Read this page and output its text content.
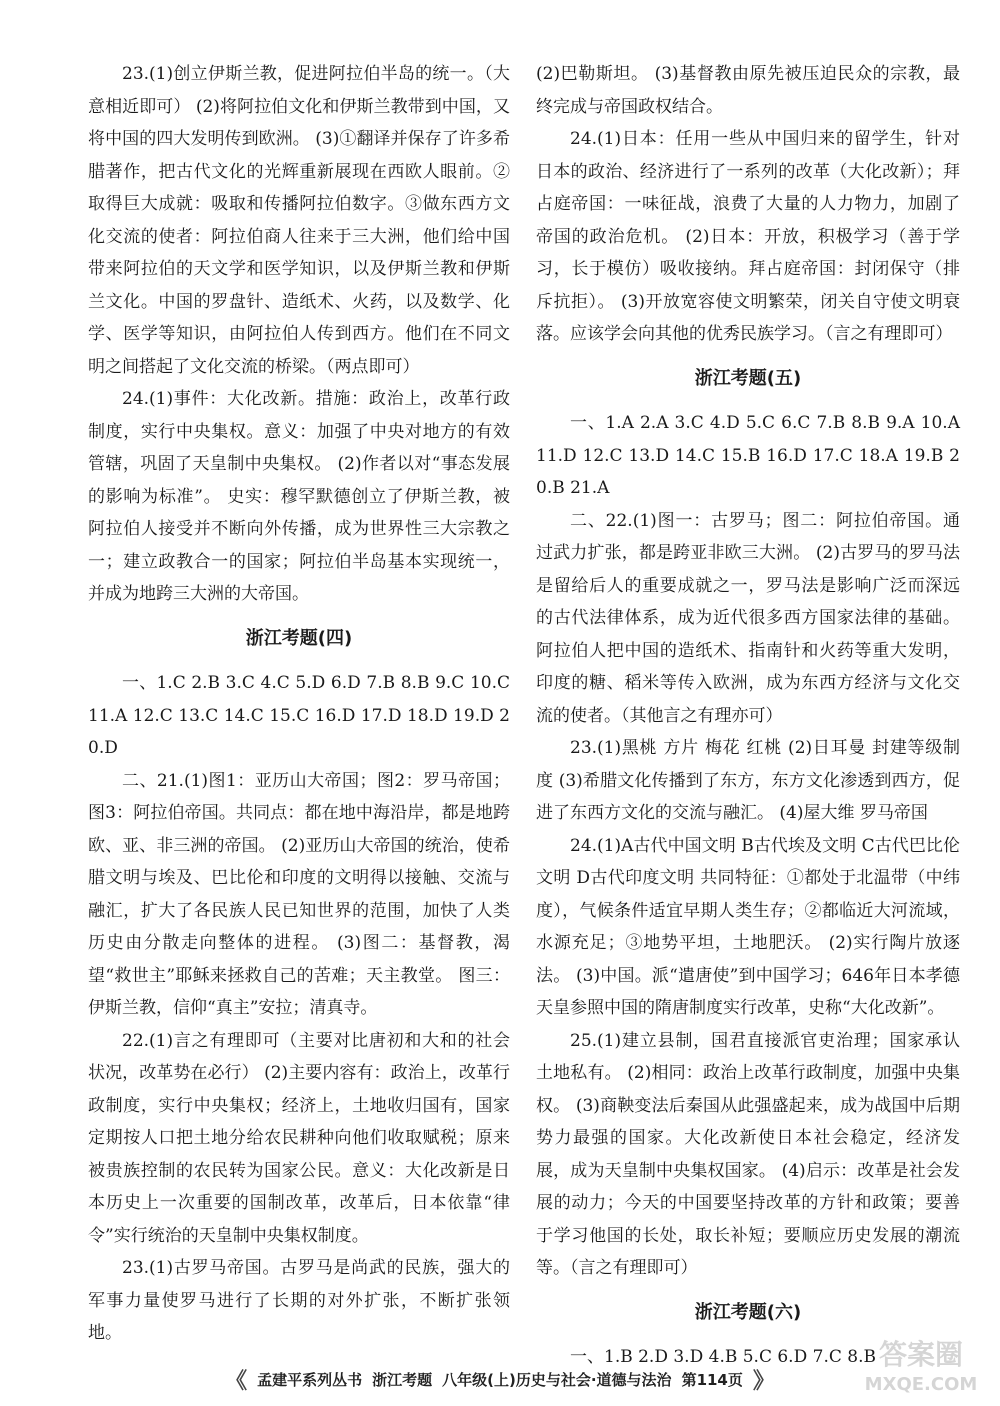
23.(1)创立伊斯兰教，促进阿拉伯半岛的统一。（大意相近即可） (2)将阿拉伯文化和伊斯兰教带到中国，又将中国的四大发明传到欧洲。 (3)①翻译并保存了许多希腊著作，把古代文化的光辉重新展现在西欧人眼前。②取得巨大成就：吸取和传播阿拉伯数字。③做东西方文化交流的使者：阿拉伯商人往来于三大洲，他们给中国带来阿拉伯的天文学和医学知识，以及伊斯兰教和伊斯兰文化。中国的罗盘针、造纸术、火药，以及数学、化学、医学等知识，由阿拉伯人传到西方。他们在不同文明之间搭起了文化交流的桥梁。（两点即可）

24.(1)事件：大化改新。措施：政治上，改革行政制度，实行中央集权。意义：加强了中央对地方的有效管辖，巩固了天皇制中央集权。 (2)作者以对“事态发展的影响为标准”。 史实：穆罕默德创立了伊斯兰教，被阿拉伯人接受并不断向外传播，成为世界性三大宗教之一；建立政教合一的国家；阿拉伯半岛基本实现统一，并成为地跨三大洲的大帝国。

浙江考题(四)

一、1.C 2.B 3.C 4.C 5.D 6.D 7.B 8.B 9.C 10.C 11.A 12.C 13.C 14.C 15.C 16.D 17.D 18.D 19.D 20.D

二、21.(1)图1：亚历山大帝国；图2：罗马帝国；图3：阿拉伯帝国。共同点：都在地中海沿岸，都是地跨欧、亚、非三洲的帝国。 (2)亚历山大帝国的统治，使希腊文明与埃及、巴比伦和印度的文明得以接触、交流与融汇，扩大了各民族人民已知世界的范围，加快了人类历史由分散走向整体的进程。 (3)图二：基督教，渴望“救世主”耶稣来拯救自己的苦难；天主教堂。 图三：伊斯兰教，信仰“真主”安拉；清真寺。

22.(1)言之有理即可（主要对比唐初和大和的社会状况，改革势在必行） (2)主要内容有：政治上，改革行政制度，实行中央集权；经济上，土地收归国有，国家定期按人口把土地分给农民耕种向他们收取赋税；原来被贵族控制的农民转为国家公民。意义：大化改新是日本历史上一次重要的国制改革，改革后，日本依靠“律令”实行统治的天皇制中央集权制度。

23.(1)古罗马帝国。古罗马是尚武的民族，强大的军事力量使罗马进行了长期的对外扩张，不断扩张领地。

(2)巴勒斯坦。 (3)基督教由原先被压迫民众的宗教，最终完成与帝国政权结合。

24.(1)日本：任用一些从中国归来的留学生，针对日本的政治、经济进行了一系列的改革（大化改新）；拜占庭帝国：一味征战，浪费了大量的人力物力，加剧了帝国的政治危机。 (2)日本：开放，积极学习（善于学习，长于模仿）吸收接纳。拜占庭帝国：封闭保守（排斥抗拒）。 (3)开放宽容使文明繁荣，闭关自守使文明衰落。应该学会向其他的优秀民族学习。（言之有理即可）

浙江考题(五)

一、1.A 2.A 3.C 4.D 5.C 6.C 7.B 8.B 9.A 10.A 11.D 12.C 13.D 14.C 15.B 16.D 17.C 18.A 19.B 20.B 21.A

二、22.(1)图一：古罗马；图二：阿拉伯帝国。通过武力扩张，都是跨亚非欧三大洲。 (2)古罗马的罗马法是留给后人的重要成就之一，罗马法是影响广泛而深远的古代法律体系，成为近代很多西方国家法律的基础。阿拉伯人把中国的造纸术、指南针和火药等重大发明，印度的糖、稻米等传入欧洲，成为东西方经济与文化交流的使者。（其他言之有理亦可）

23.(1)黑桃 方片 梅花 红桃 (2)日耳曼 封建等级制度 (3)希腊文化传播到了东方，东方文化渗透到西方，促进了东西方文化的交流与融汇。 (4)屋大维 罗马帝国

24.(1)A古代中国文明 B古代埃及文明 C古代巴比伦文明 D古代印度文明 共同特征：①都处于北温带（中纬度），气候条件适宜早期人类生存；②都临近大河流域，水源充足；③地势平坦，土地肥沃。 (2)实行陶片放逐法。 (3)中国。派“遣唐使”到中国学习；646年日本孝德天皇参照中国的隋唐制度实行改革，史称“大化改新”。

25.(1)建立县制，国君直接派官吏治理；国家承认土地私有。 (2)相同：政治上改革行政制度，加强中央集权。 (3)商鞅变法后秦国从此强盛起来，成为战国中后期势力最强的国家。大化改新使日本社会稳定，经济发展，成为天皇制中央集权国家。 (4)启示：改革是社会发展的动力；今天的中国要坚持改革的方针和政策；要善于学习他国的长处，取长补短；要顺应历史发展的潮流等。（言之有理即可）

浙江考题(六)

一、1.B 2.D 3.D 4.B 5.C 6.D 7.C 8.B

《 孟建平系列丛书 浙江考题 八年级(上)历史与社会·道德与法治 第114页 》
答案圈
MXQE.COM
